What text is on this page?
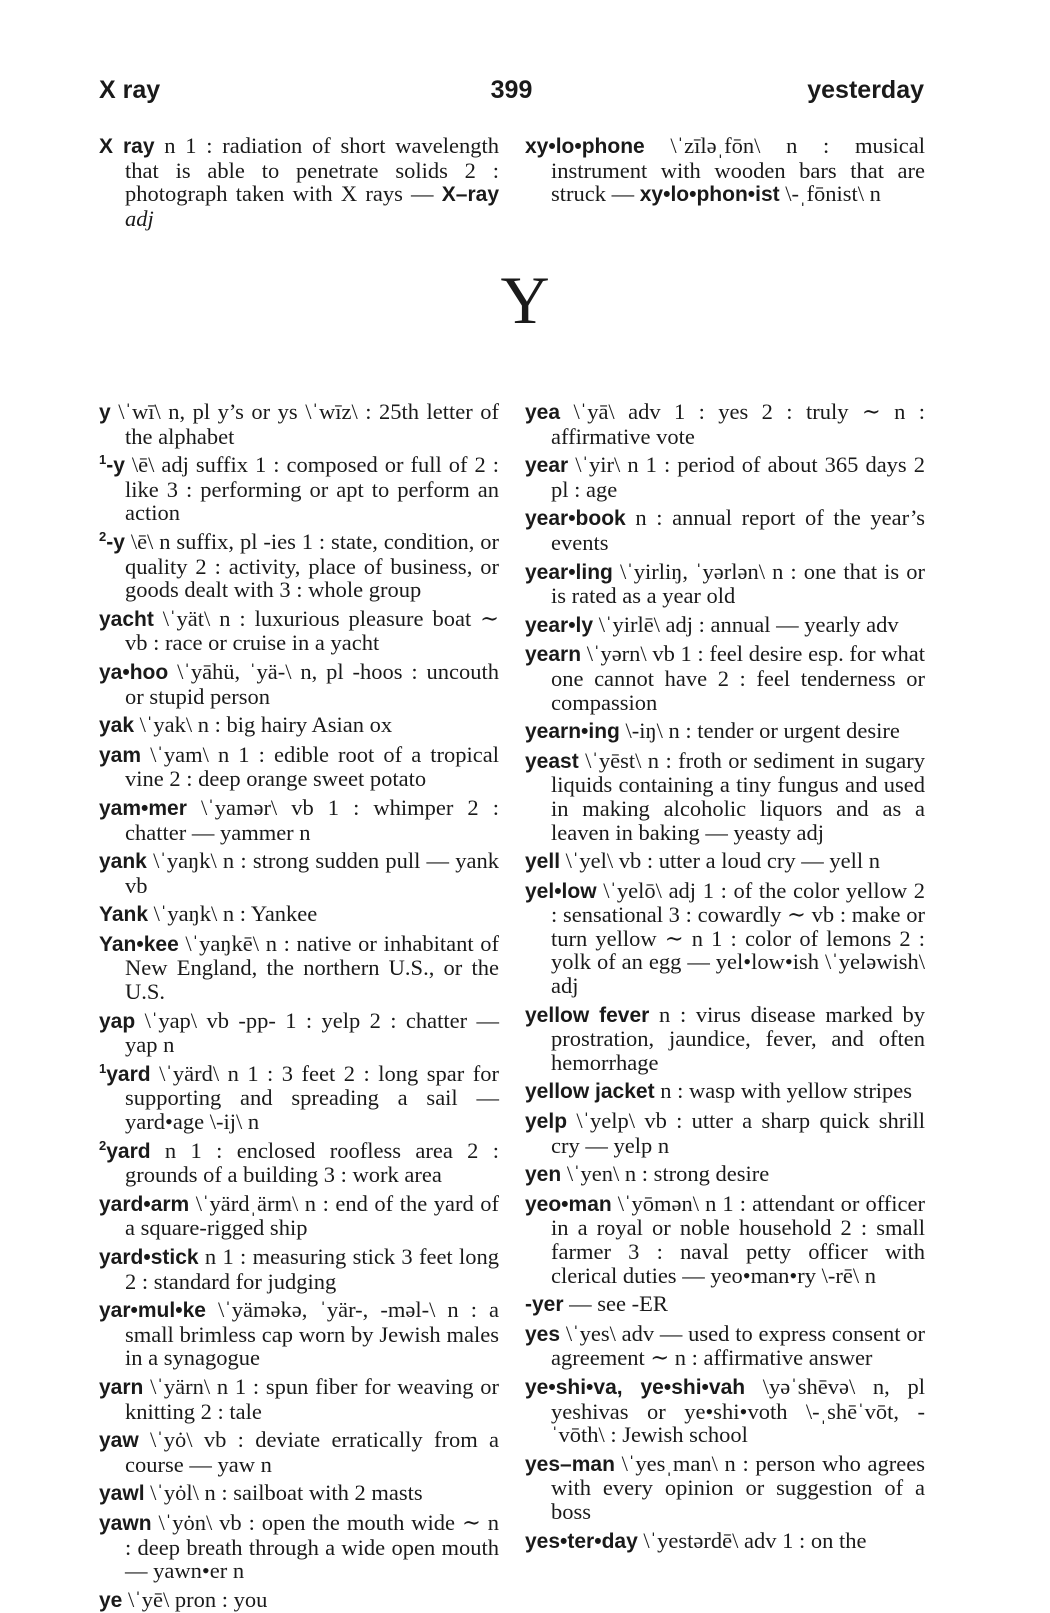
X ray	399	yesterday

X ray n 1 : radiation of short wavelength that is able to penetrate solids 2 : photograph taken with X rays — X–ray adj

xy•lo•phone \ˈzīləˌfōn\ n : musical instrument with wooden bars that are struck — xy•lo•phon•ist \-ˌfōnist\ n

Y

y \ˈwī\ n, pl y’s or ys \ˈwīz\ : 25th letter of the alphabet

$^1$-y \ē\ adj suffix 1 : composed or full of 2 : like 3 : performing or apt to perform an action

$^2$-y \ē\ n suffix, pl -ies 1 : state, condition, or quality 2 : activity, place of business, or goods dealt with 3 : whole group

yacht \ˈyät\ n : luxurious pleasure boat ∼ vb : race or cruise in a yacht

ya•hoo \ˈyāhü, ˈyä-\ n, pl -hoos : uncouth or stupid person

yak \ˈyak\ n : big hairy Asian ox

yam \ˈyam\ n 1 : edible root of a tropical vine 2 : deep orange sweet potato

yam•mer \ˈyamər\ vb 1 : whimper 2 : chatter — yammer n

yank \ˈyaŋk\ n : strong sudden pull — yank vb

Yank \ˈyaŋk\ n : Yankee

Yan•kee \ˈyaŋkē\ n : native or inhabitant of New England, the northern U.S., or the U.S.

yap \ˈyap\ vb -pp- 1 : yelp 2 : chatter — yap n

$^1$yard \ˈyärd\ n 1 : 3 feet 2 : long spar for supporting and spreading a sail — yard•age \-ij\ n

$^2$yard n 1 : enclosed roofless area 2 : grounds of a building 3 : work area

yard•arm \ˈyärdˌärm\ n : end of the yard of a square-rigged ship

yard•stick n 1 : measuring stick 3 feet long 2 : standard for judging

yar•mul•ke \ˈyäməkə, ˈyär-, -məl-\ n : a small brimless cap worn by Jewish males in a synagogue

yarn \ˈyärn\ n 1 : spun fiber for weaving or knitting 2 : tale

yaw \ˈyȯ\ vb : deviate erratically from a course — yaw n

yawl \ˈyȯl\ n : sailboat with 2 masts

yawn \ˈyȯn\ vb : open the mouth wide ∼ n : deep breath through a wide open mouth — yawn•er n

ye \ˈyē\ pron : you

yea \ˈyā\ adv 1 : yes 2 : truly ∼ n : affirmative vote

year \ˈyir\ n 1 : period of about 365 days 2 pl : age

year•book n : annual report of the year’s events

year•ling \ˈyirliŋ, ˈyərlən\ n : one that is or is rated as a year old

year•ly \ˈyirlē\ adj : annual — yearly adv

yearn \ˈyərn\ vb 1 : feel desire esp. for what one cannot have 2 : feel tenderness or compassion

yearn•ing \-iŋ\ n : tender or urgent desire

yeast \ˈyēst\ n : froth or sediment in sugary liquids containing a tiny fungus and used in making alcoholic liquors and as a leaven in baking — yeasty adj

yell \ˈyel\ vb : utter a loud cry — yell n

yel•low \ˈyelō\ adj 1 : of the color yellow 2 : sensational 3 : cowardly ∼ vb : make or turn yellow ∼ n 1 : color of lemons 2 : yolk of an egg — yel•low•ish \ˈyeləwish\ adj

yellow fever n : virus disease marked by prostration, jaundice, fever, and often hemorrhage

yellow jacket n : wasp with yellow stripes

yelp \ˈyelp\ vb : utter a sharp quick shrill cry — yelp n

yen \ˈyen\ n : strong desire

yeo•man \ˈyōmən\ n 1 : attendant or officer in a royal or noble household 2 : small farmer 3 : naval petty officer with clerical duties — yeo•man•ry \-rē\ n

-yer — see -ER

yes \ˈyes\ adv — used to express consent or agreement ∼ n : affirmative answer

ye•shi•va, ye•shi•vah \yəˈshēvə\ n, pl yeshivas or ye•shi•voth \-ˌshēˈvōt, -ˈvōth\ : Jewish school

yes–man \ˈyesˌman\ n : person who agrees with every opinion or suggestion of a boss

yes•ter•day \ˈyestərdē\ adv 1 : on the
